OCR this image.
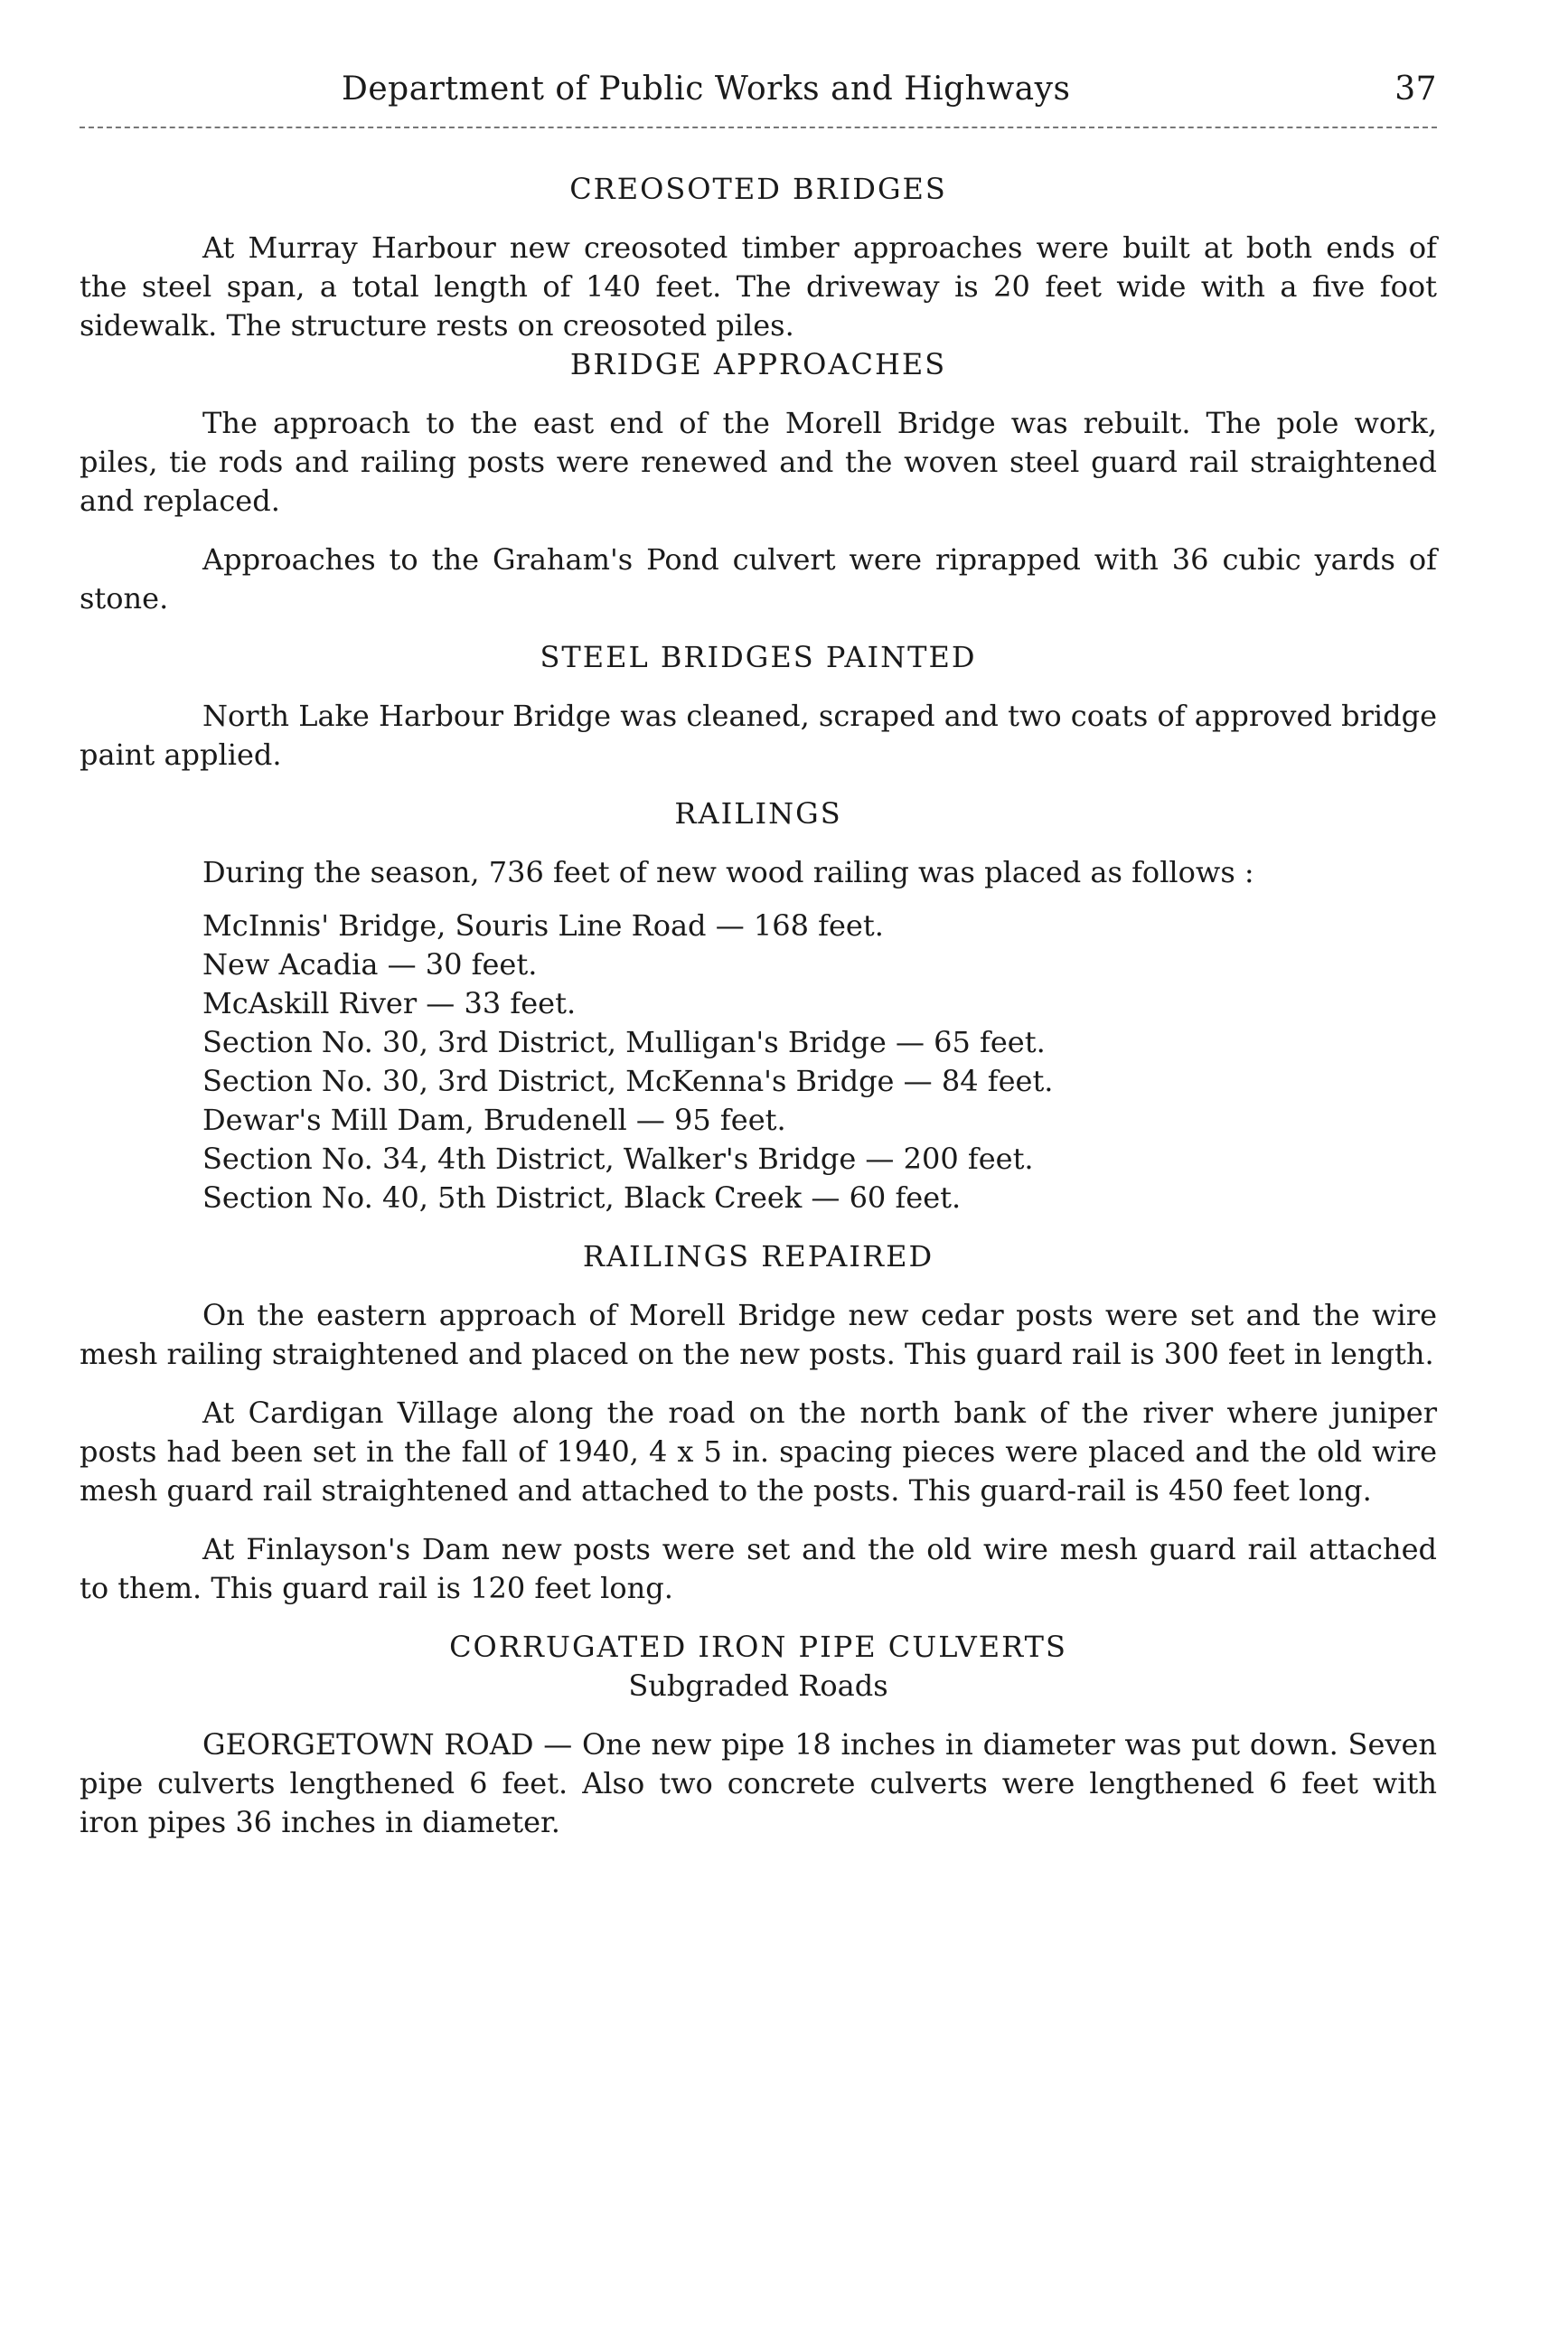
Department of Public Works and Highways	37
CREOSOTED BRIDGES

At Murray Harbour new creosoted timber approaches were built at both ends of the steel span, a total length of 140 feet. The driveway is 20 feet wide with a five foot sidewalk. The structure rests on creosoted piles.

BRIDGE APPROACHES

The approach to the east end of the Morell Bridge was rebuilt. The pole work, piles, tie rods and railing posts were renewed and the woven steel guard rail straightened and replaced.

Approaches to the Graham's Pond culvert were riprapped with 36 cubic yards of stone.

STEEL BRIDGES PAINTED

North Lake Harbour Bridge was cleaned, scraped and two coats of approved bridge paint applied.

RAILINGS

During the season, 736 feet of new wood railing was placed as follows :

McInnis' Bridge, Souris Line Road — 168 feet.
New Acadia — 30 feet.
McAskill River — 33 feet.
Section No. 30, 3rd District, Mulligan's Bridge — 65 feet.
Section No. 30, 3rd District, McKenna's Bridge — 84 feet.
Dewar's Mill Dam, Brudenell — 95 feet.
Section No. 34, 4th District, Walker's Bridge — 200 feet.
Section No. 40, 5th District, Black Creek — 60 feet.
RAILINGS REPAIRED

On the eastern approach of Morell Bridge new cedar posts were set and the wire mesh railing straightened and placed on the new posts. This guard rail is 300 feet in length.

At Cardigan Village along the road on the north bank of the river where juniper posts had been set in the fall of 1940, 4 x 5 in. spacing pieces were placed and the old wire mesh guard rail straightened and attached to the posts. This guard-rail is 450 feet long.

At Finlayson's Dam new posts were set and the old wire mesh guard rail attached to them. This guard rail is 120 feet long.

CORRUGATED IRON PIPE CULVERTS
Subgraded Roads

GEORGETOWN ROAD — One new pipe 18 inches in diameter was put down. Seven pipe culverts lengthened 6 feet. Also two concrete culverts were lengthened 6 feet with iron pipes 36 inches in diameter.
